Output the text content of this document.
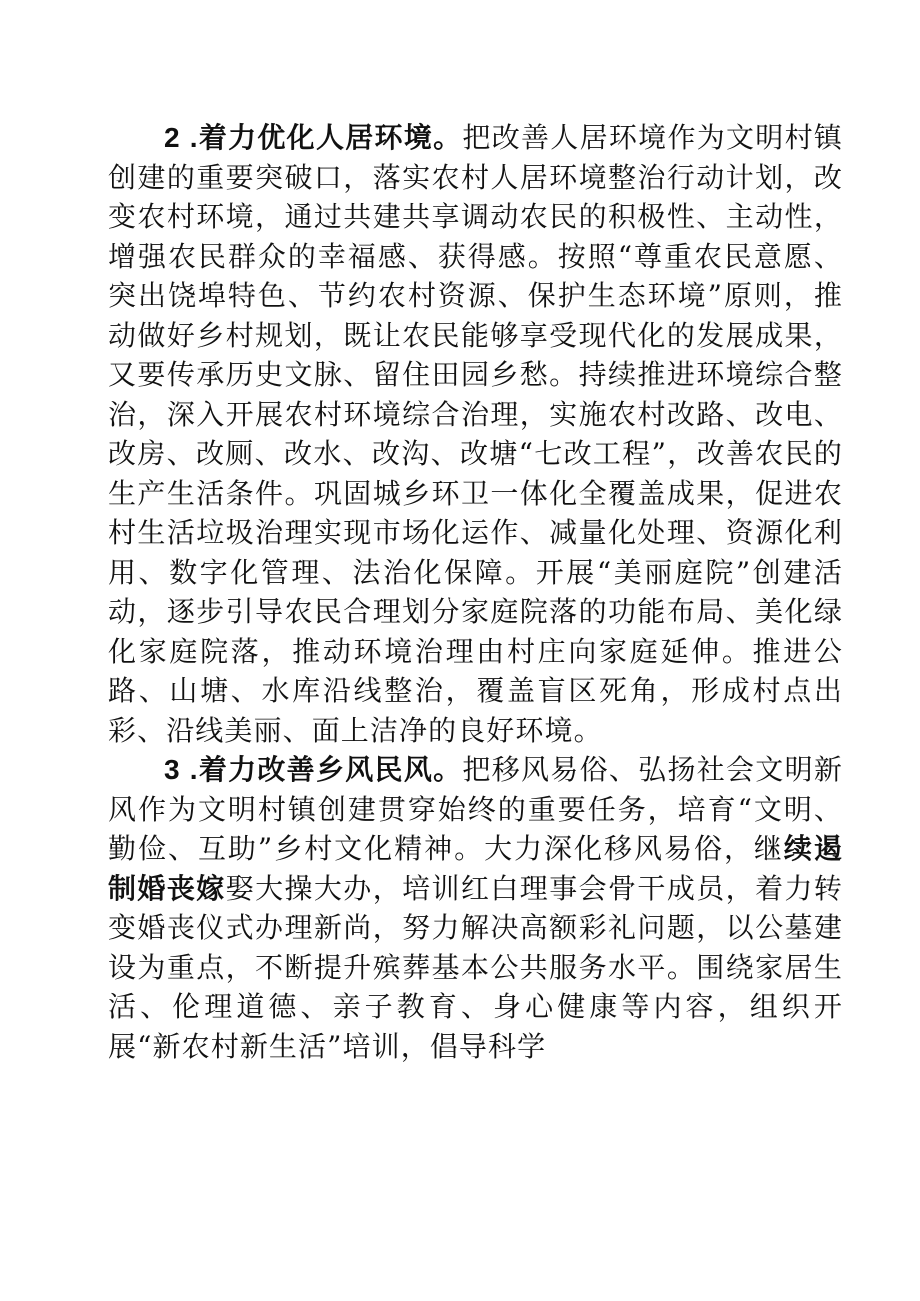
2 .着力优化人居环境。把改善人居环境作为文明村镇创建的重要突破口，落实农村人居环境整治行动计划，改变农村环境，通过共建共享调动农民的积极性、主动性，增强农民群众的幸福感、获得感。按照“尊重农民意愿、突出饶埠特色、节约农村资源、保护生态环境”原则，推动做好乡村规划，既让农民能够享受现代化的发展成果，又要传承历史文脉、留住田园乡愁。持续推进环境综合整治，深入开展农村环境综合治理，实施农村改路、改电、改房、改厕、改水、改沟、改塘“七改工程”，改善农民的生产生活条件。巩固城乡环卫一体化全覆盖成果，促进农村生活垃圾治理实现市场化运作、减量化处理、资源化利用、数字化管理、法治化保障。开展“美丽庭院”创建活动，逐步引导农民合理划分家庭院落的功能布局、美化绿化家庭院落，推动环境治理由村庄向家庭延伸。推进公路、山塘、水库沿线整治，覆盖盲区死角，形成村点出彩、沿线美丽、面上洁净的良好环境。

3 .着力改善乡风民风。把移风易俗、弘扬社会文明新风作为文明村镇创建贯穿始终的重要任务，培育“文明、勤俭、互助”乡村文化精神。大力深化移风易俗，继续遏制婚丧嫁娶大操大办，培训红白理事会骨干成员，着力转变婚丧仪式办理新尚，努力解决高额彩礼问题，以公墓建设为重点，不断提升殡葬基本公共服务水平。围绕家居生活、伦理道德、亲子教育、身心健康等内容，组织开展“新农村新生活”培训，倡导科学
